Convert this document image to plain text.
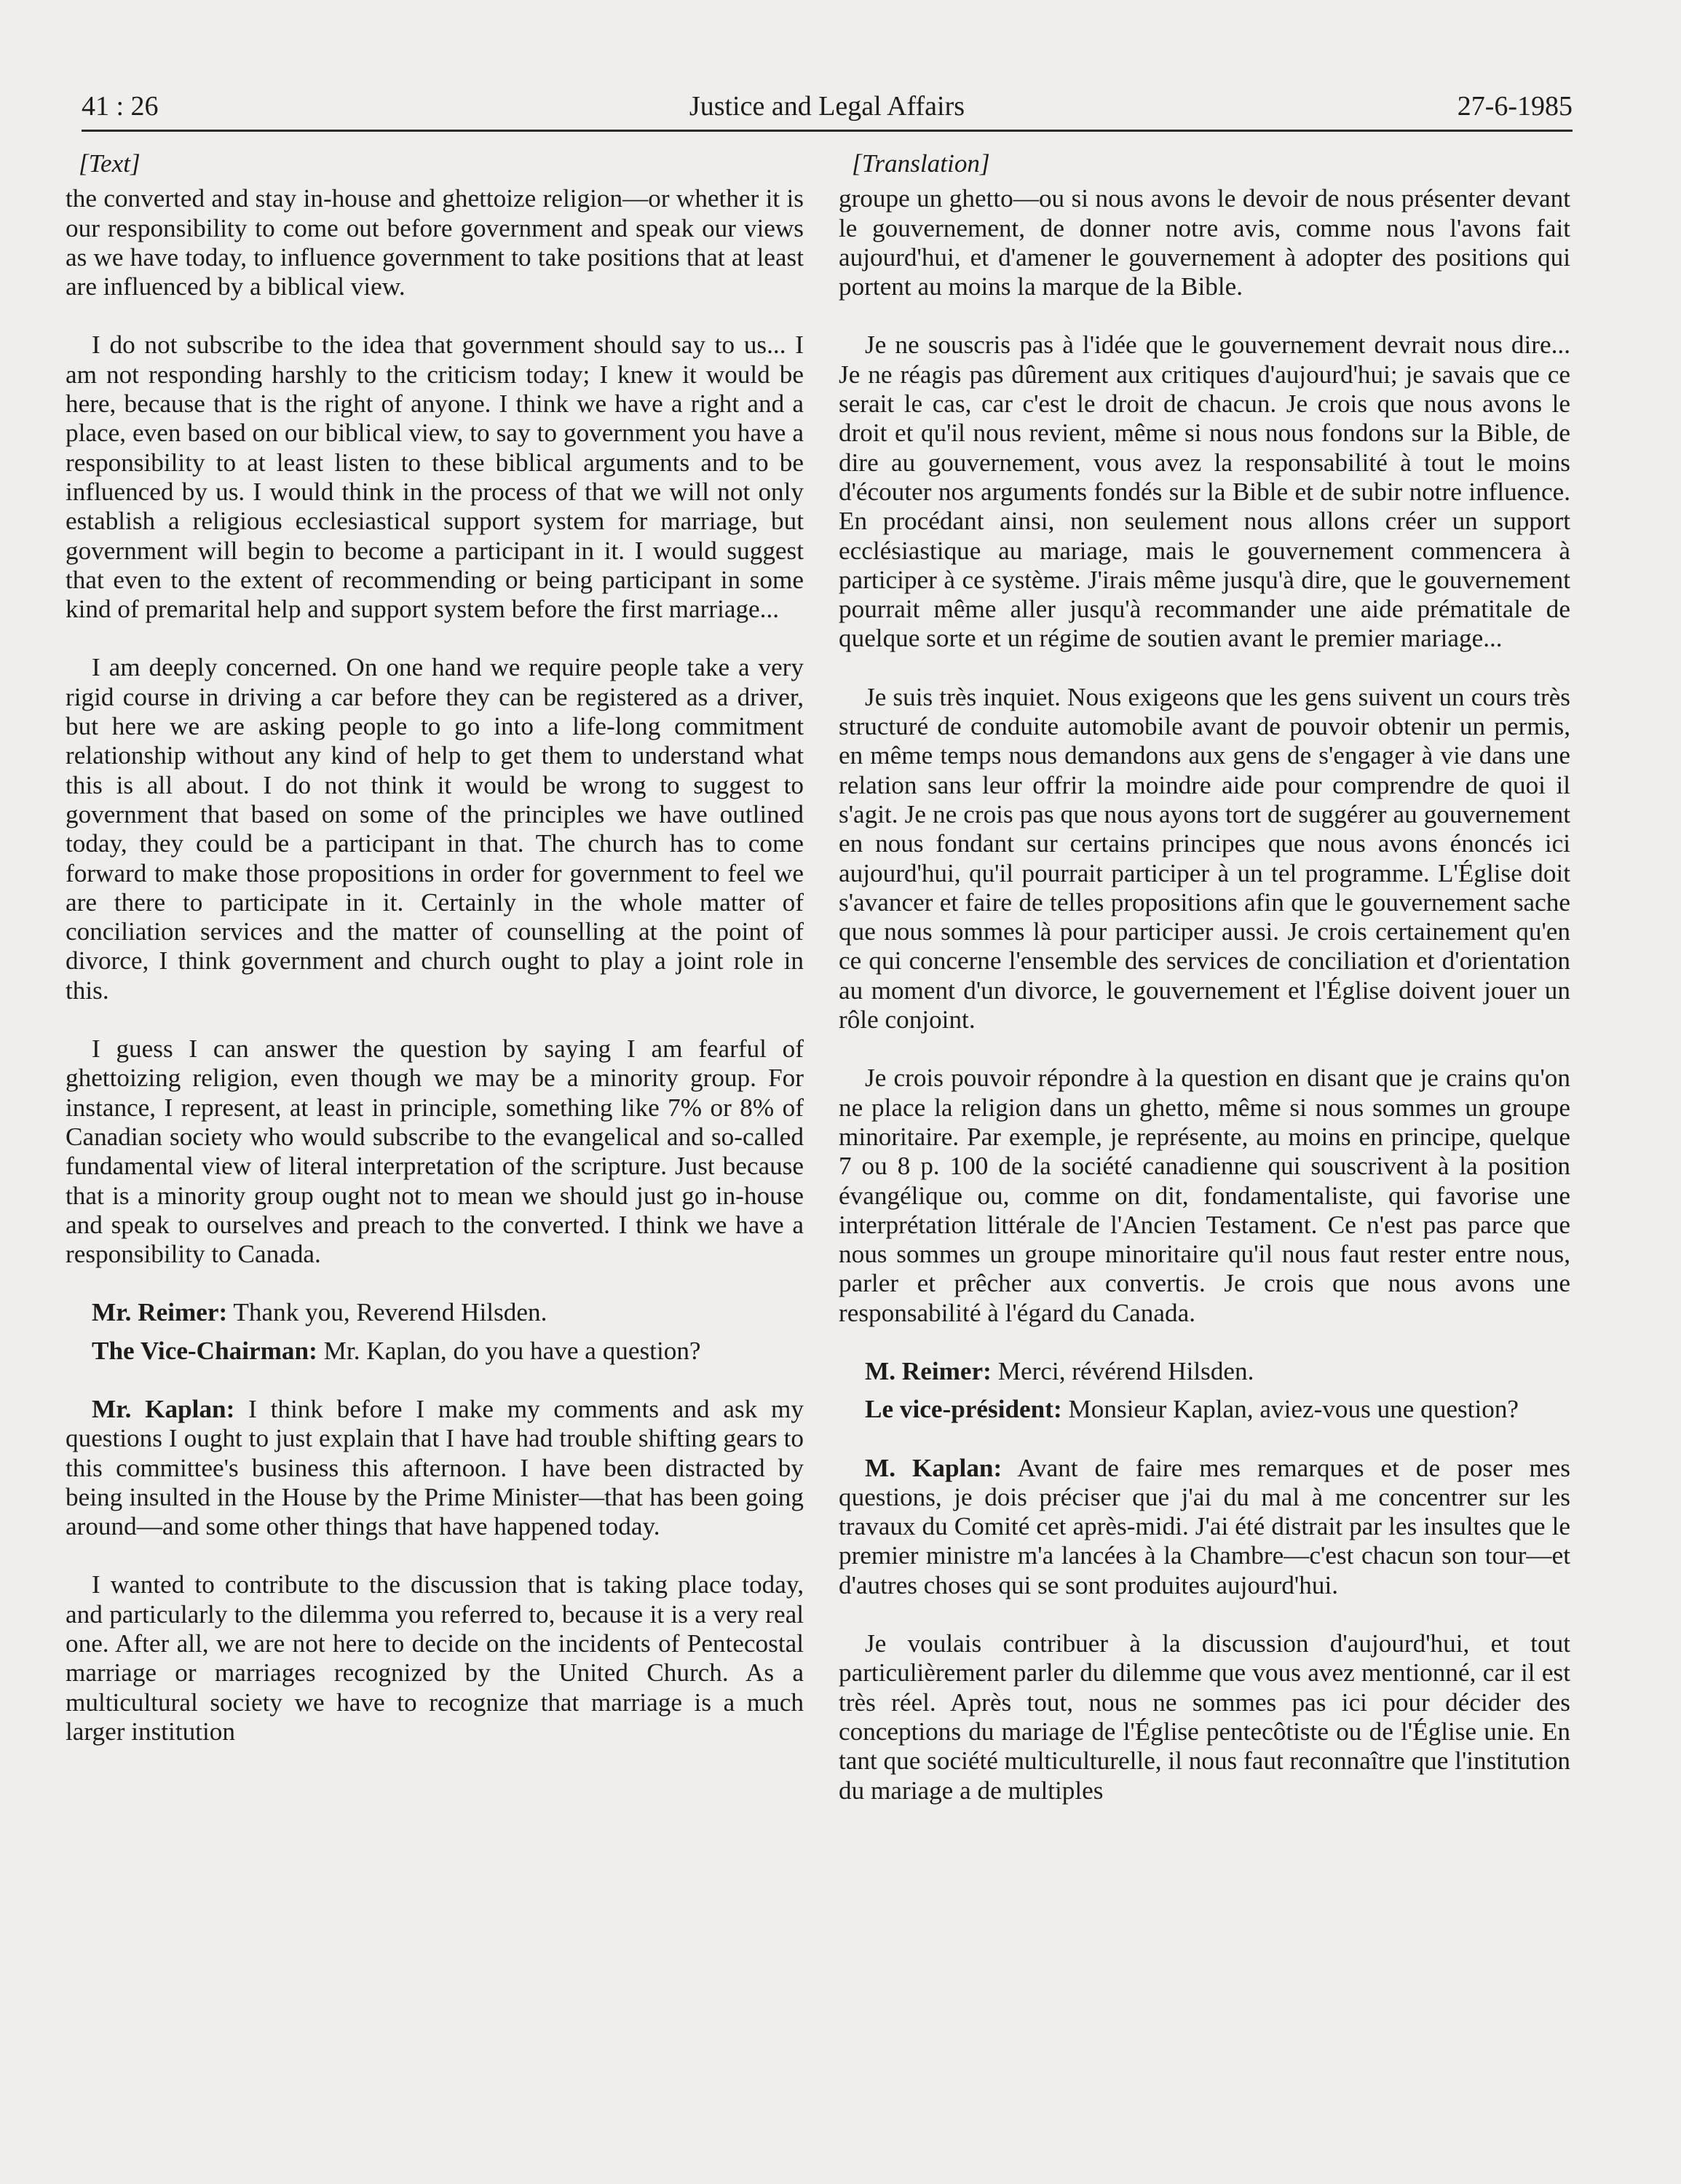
41 : 26	Justice and Legal Affairs	27-6-1985
[Text]

the converted and stay in-house and ghettoize religion—or whether it is our responsibility to come out before government and speak our views as we have today, to influence government to take positions that at least are influenced by a biblical view.

I do not subscribe to the idea that government should say to us... I am not responding harshly to the criticism today; I knew it would be here, because that is the right of anyone. I think we have a right and a place, even based on our biblical view, to say to government you have a responsibility to at least listen to these biblical arguments and to be influenced by us. I would think in the process of that we will not only establish a religious ecclesiastical support system for marriage, but government will begin to become a participant in it. I would suggest that even to the extent of recommending or being participant in some kind of premarital help and support system before the first marriage...

I am deeply concerned. On one hand we require people take a very rigid course in driving a car before they can be registered as a driver, but here we are asking people to go into a life-long commitment relationship without any kind of help to get them to understand what this is all about. I do not think it would be wrong to suggest to government that based on some of the principles we have outlined today, they could be a participant in that. The church has to come forward to make those propositions in order for government to feel we are there to participate in it. Certainly in the whole matter of conciliation services and the matter of counselling at the point of divorce, I think government and church ought to play a joint role in this.

I guess I can answer the question by saying I am fearful of ghettoizing religion, even though we may be a minority group. For instance, I represent, at least in principle, something like 7% or 8% of Canadian society who would subscribe to the evangelical and so-called fundamental view of literal interpretation of the scripture. Just because that is a minority group ought not to mean we should just go in-house and speak to ourselves and preach to the converted. I think we have a responsibility to Canada.

Mr. Reimer: Thank you, Reverend Hilsden.

The Vice-Chairman: Mr. Kaplan, do you have a question?

Mr. Kaplan: I think before I make my comments and ask my questions I ought to just explain that I have had trouble shifting gears to this committee's business this afternoon. I have been distracted by being insulted in the House by the Prime Minister—that has been going around—and some other things that have happened today.

I wanted to contribute to the discussion that is taking place today, and particularly to the dilemma you referred to, because it is a very real one. After all, we are not here to decide on the incidents of Pentecostal marriage or marriages recognized by the United Church. As a multicultural society we have to recognize that marriage is a much larger institution

[Translation]

groupe un ghetto—ou si nous avons le devoir de nous présenter devant le gouvernement, de donner notre avis, comme nous l'avons fait aujourd'hui, et d'amener le gouvernement à adopter des positions qui portent au moins la marque de la Bible.

Je ne souscris pas à l'idée que le gouvernement devrait nous dire... Je ne réagis pas dûrement aux critiques d'aujourd'hui; je savais que ce serait le cas, car c'est le droit de chacun. Je crois que nous avons le droit et qu'il nous revient, même si nous nous fondons sur la Bible, de dire au gouvernement, vous avez la responsabilité à tout le moins d'écouter nos arguments fondés sur la Bible et de subir notre influence. En procédant ainsi, non seulement nous allons créer un support ecclésiastique au mariage, mais le gouvernement commencera à participer à ce système. J'irais même jusqu'à dire, que le gouvernement pourrait même aller jusqu'à recommander une aide prématitale de quelque sorte et un régime de soutien avant le premier mariage...

Je suis très inquiet. Nous exigeons que les gens suivent un cours très structuré de conduite automobile avant de pouvoir obtenir un permis, en même temps nous demandons aux gens de s'engager à vie dans une relation sans leur offrir la moindre aide pour comprendre de quoi il s'agit. Je ne crois pas que nous ayons tort de suggérer au gouvernement en nous fondant sur certains principes que nous avons énoncés ici aujourd'hui, qu'il pourrait participer à un tel programme. L'Église doit s'avancer et faire de telles propositions afin que le gouvernement sache que nous sommes là pour participer aussi. Je crois certainement qu'en ce qui concerne l'ensemble des services de conciliation et d'orientation au moment d'un divorce, le gouvernement et l'Église doivent jouer un rôle conjoint.

Je crois pouvoir répondre à la question en disant que je crains qu'on ne place la religion dans un ghetto, même si nous sommes un groupe minoritaire. Par exemple, je représente, au moins en principe, quelque 7 ou 8 p. 100 de la société canadienne qui souscrivent à la position évangélique ou, comme on dit, fondamentaliste, qui favorise une interprétation littérale de l'Ancien Testament. Ce n'est pas parce que nous sommes un groupe minoritaire qu'il nous faut rester entre nous, parler et prêcher aux convertis. Je crois que nous avons une responsabilité à l'égard du Canada.

M. Reimer: Merci, révérend Hilsden.

Le vice-président: Monsieur Kaplan, aviez-vous une question?

M. Kaplan: Avant de faire mes remarques et de poser mes questions, je dois préciser que j'ai du mal à me concentrer sur les travaux du Comité cet après-midi. J'ai été distrait par les insultes que le premier ministre m'a lancées à la Chambre—c'est chacun son tour—et d'autres choses qui se sont produites aujourd'hui.

Je voulais contribuer à la discussion d'aujourd'hui, et tout particulièrement parler du dilemme que vous avez mentionné, car il est très réel. Après tout, nous ne sommes pas ici pour décider des conceptions du mariage de l'Église pentecôtiste ou de l'Église unie. En tant que société multiculturelle, il nous faut reconnaître que l'institution du mariage a de multiples
